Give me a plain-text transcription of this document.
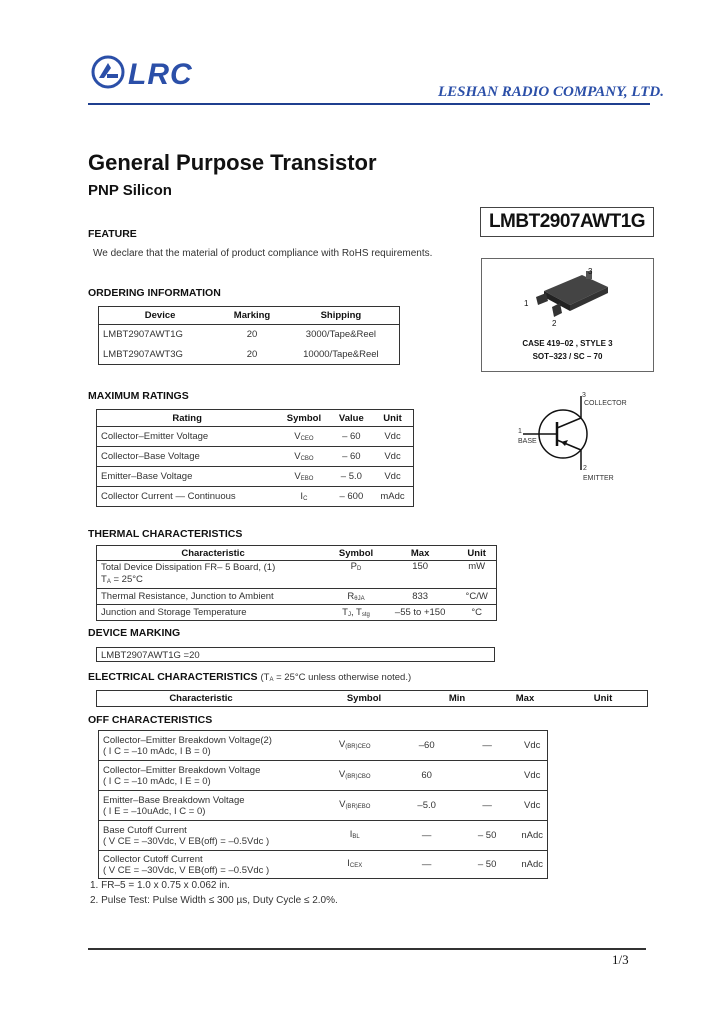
LRC
LESHAN RADIO COMPANY, LTD.
General Purpose Transistor
PNP Silicon
LMBT2907AWT1G
FEATURE
We declare that the material of product compliance with RoHS requirements.
1
2
3
CASE 419–02 , STYLE 3
SOT–323 / SC – 70
3
COLLECTOR
1
BASE
2
EMITTER
ORDERING INFORMATION
Device	Marking	Shipping
LMBT2907AWT1G	20	3000/Tape&Reel
LMBT2907AWT3G	20	10000/Tape&Reel
MAXIMUM RATINGS
Rating	Symbol	Value	Unit
Collector–Emitter Voltage	VCEO	– 60	Vdc
Collector–Base Voltage	VCBO	– 60	Vdc
Emitter–Base Voltage	VEBO	– 5.0	Vdc
Collector Current — Continuous	IC	– 600	mAdc
THERMAL CHARACTERISTICS
Characteristic	Symbol	Max	Unit
Total Device Dissipation FR– 5 Board, (1)
TA = 25°C	PD	150	mW
Thermal Resistance, Junction to Ambient	RθJA	833	°C/W
Junction and Storage Temperature	TJ, Tstg	–55 to +150	°C
DEVICE MARKING
LMBT2907AWT1G =20
ELECTRICAL CHARACTERISTICS (TA = 25°C unless otherwise noted.)
Characteristic	Symbol	Min	Max	Unit
OFF CHARACTERISTICS
Collector–Emitter Breakdown Voltage(2)
( I C = –10 mAdc, I B = 0)	V(BR)CEO	–60	—	Vdc
Collector–Emitter Breakdown Voltage
( I C = –10 mAdc, I E = 0)	V(BR)CBO	60		Vdc
Emitter–Base Breakdown Voltage
( I E = –10uAdc, I C = 0)	V(BR)EBO	–5.0	—	Vdc
Base Cutoff Current
( V CE = –30Vdc, V EB(off) = –0.5Vdc )	IBL	—	– 50	nAdc
Collector Cutoff Current
( V CE = –30Vdc, V EB(off) = –0.5Vdc )	ICEX	—	– 50	nAdc
1. FR–5 = 1.0 x 0.75 x 0.062 in.
2. Pulse Test: Pulse Width ≤ 300 µs, Duty Cycle ≤ 2.0%.
1/3
